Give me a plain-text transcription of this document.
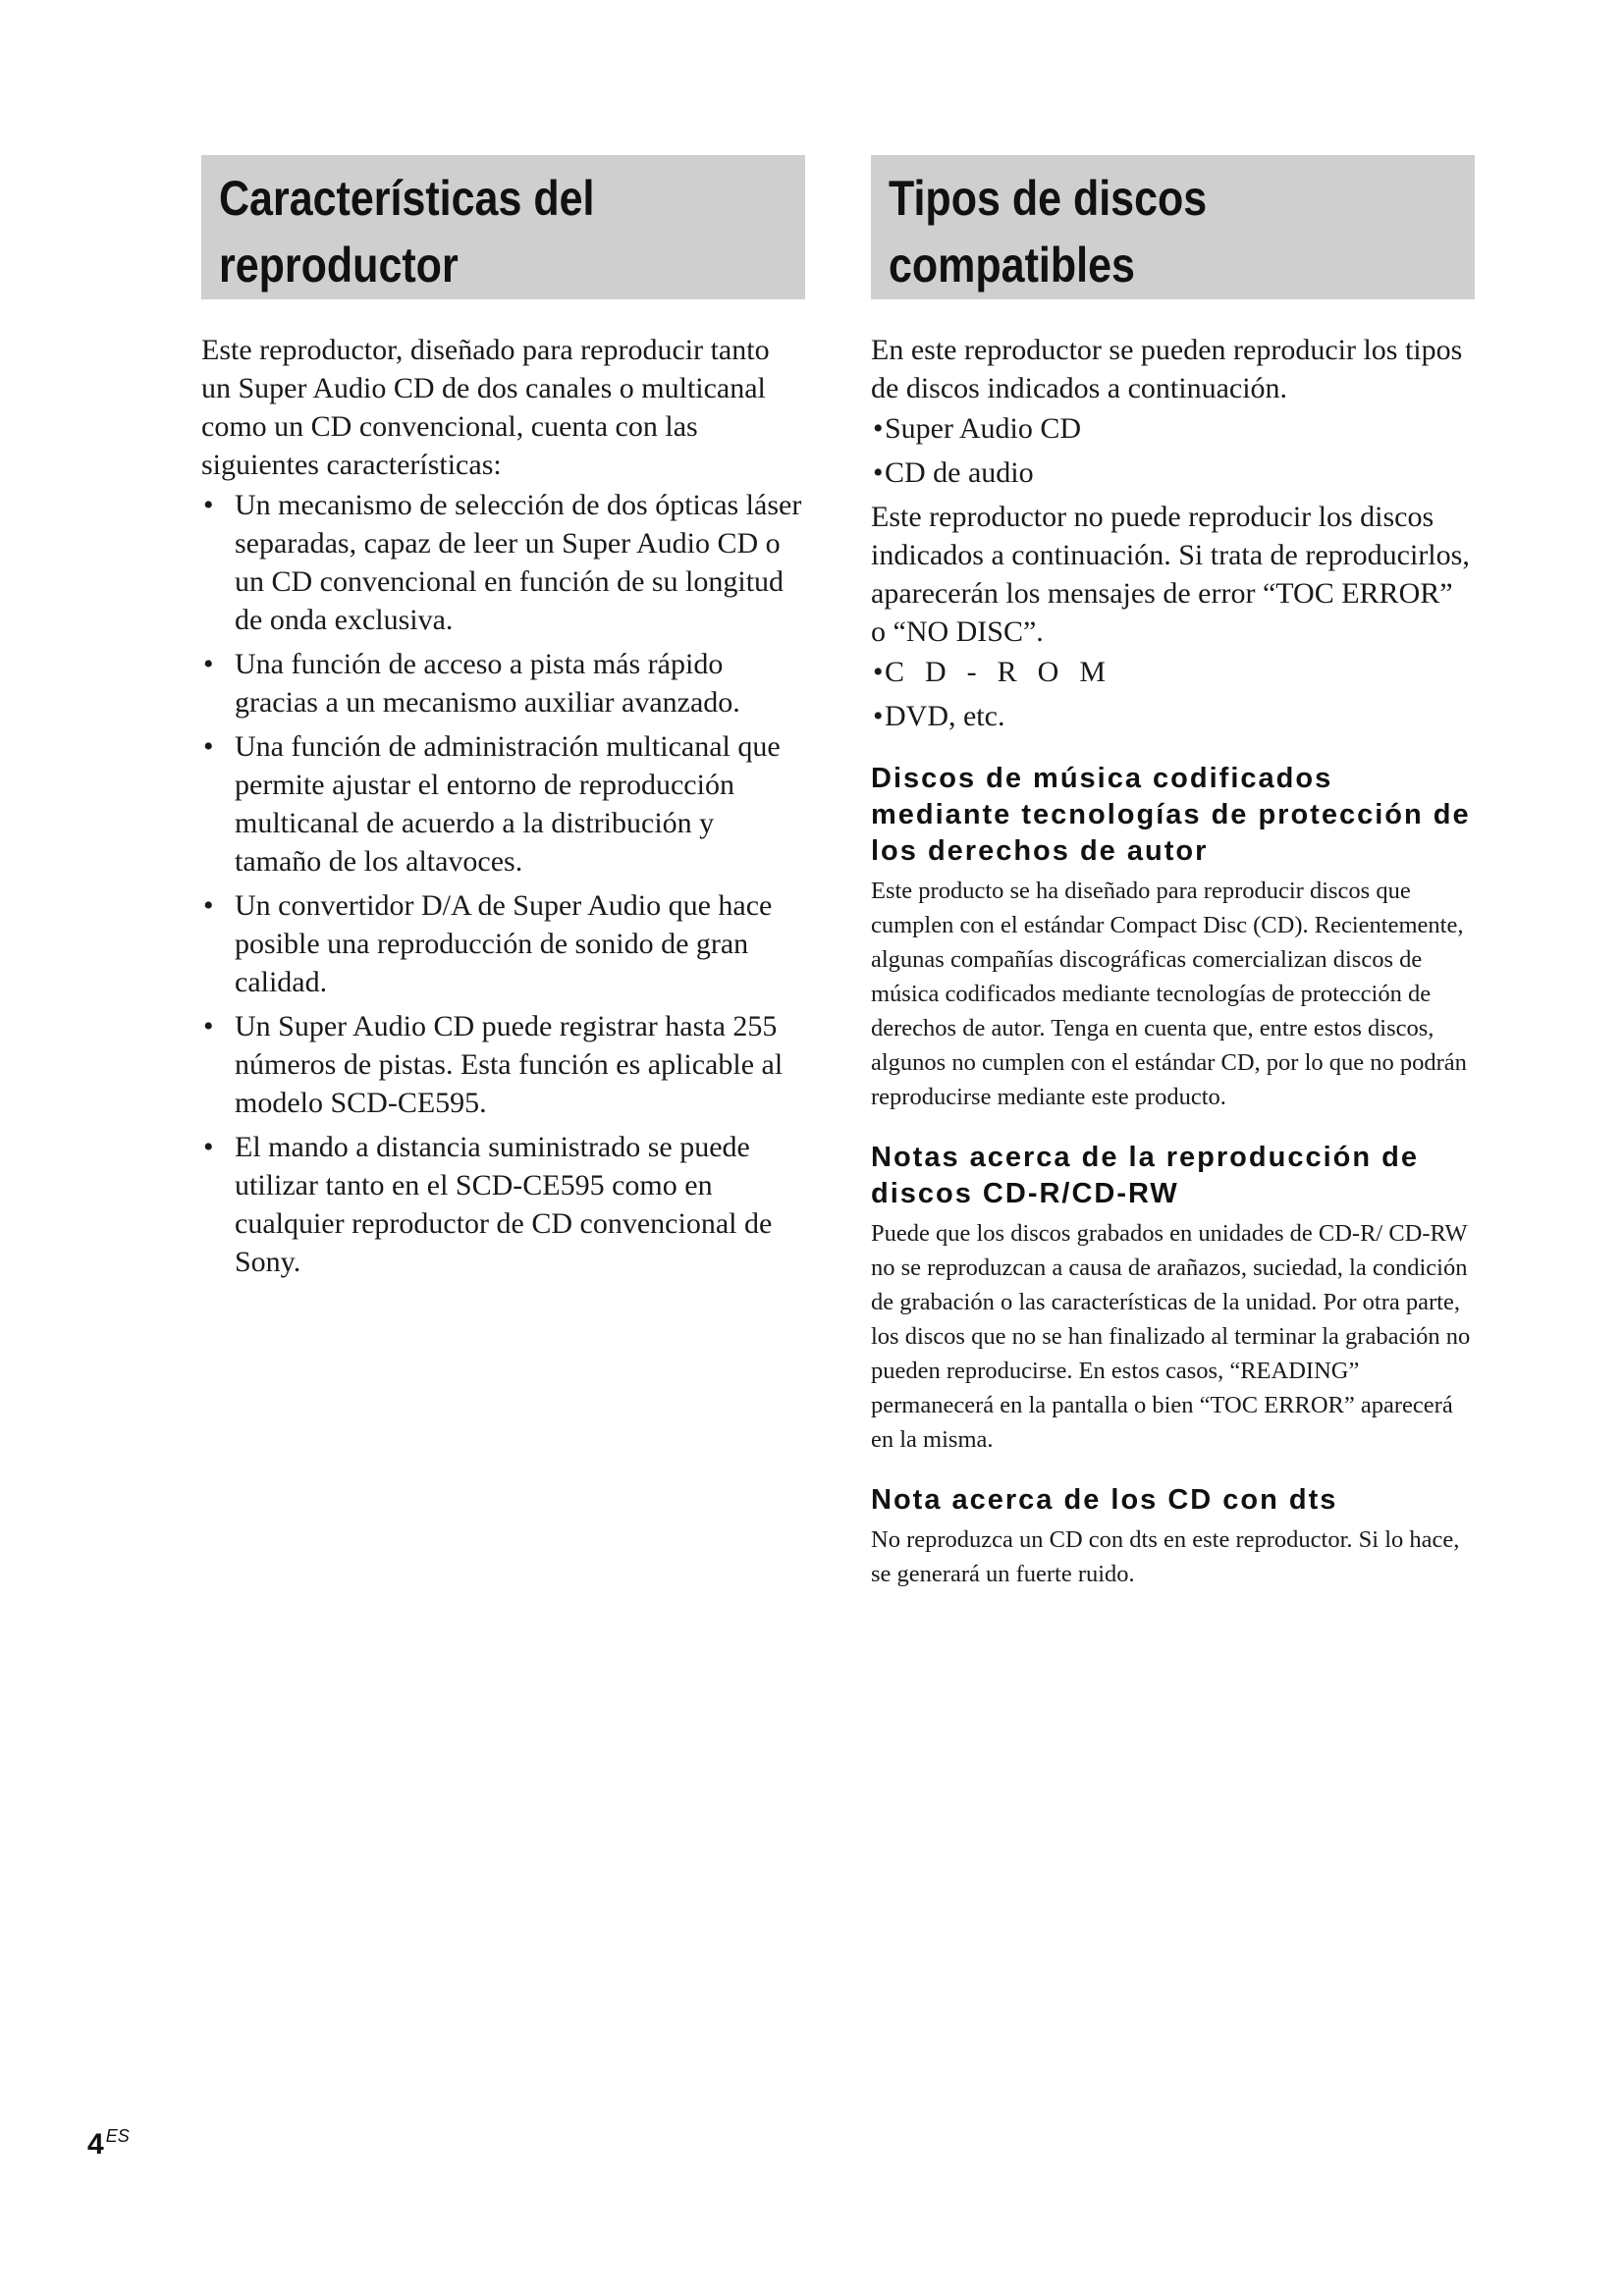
Características del
reproductor

Este reproductor, diseñado para reproducir tanto un Super Audio CD de dos canales o multicanal como un CD convencional, cuenta con las siguientes características:

• Un mecanismo de selección de dos ópticas láser separadas, capaz de leer un Super Audio CD o un CD convencional en función de su longitud de onda exclusiva.
• Una función de acceso a pista más rápido gracias a un mecanismo auxiliar avanzado.
• Una función de administración multicanal que permite ajustar el entorno de reproducción multicanal de acuerdo a la distribución y tamaño de los altavoces.
• Un convertidor D/A de Super Audio que hace posible una reproducción de sonido de gran calidad.
• Un Super Audio CD puede registrar hasta 255 números de pistas. Esta función es aplicable al modelo SCD-CE595.
• El mando a distancia suministrado se puede utilizar tanto en el SCD-CE595 como en cualquier reproductor de CD convencional de Sony.
Tipos de discos
compatibles

En este reproductor se pueden reproducir los tipos de discos indicados a continuación.

• Super Audio CD
• CD de audio

Este reproductor no puede reproducir los discos indicados a continuación. Si trata de reproducirlos, aparecerán los mensajes de error “TOC ERROR” o “NO DISC”.

• CD-ROM
• DVD, etc.
Discos de música codificados mediante tecnologías de protección de los derechos de autor

Este producto se ha diseñado para reproducir discos que cumplen con el estándar Compact Disc (CD). Recientemente, algunas compañías discográficas comercializan discos de música codificados mediante tecnologías de protección de derechos de autor. Tenga en cuenta que, entre estos discos, algunos no cumplen con el estándar CD, por lo que no podrán reproducirse mediante este producto.

Notas acerca de la reproducción de discos CD-R/CD-RW

Puede que los discos grabados en unidades de CD-R/ CD-RW no se reproduzcan a causa de arañazos, suciedad, la condición de grabación o las características de la unidad. Por otra parte, los discos que no se han finalizado al terminar la grabación no pueden reproducirse. En estos casos, “READING” permanecerá en la pantalla o bien “TOC ERROR” aparecerá en la misma.

Nota acerca de los CD con dts

No reproduzca un CD con dts en este reproductor. Si lo hace, se generará un fuerte ruido.

4 $^{ES}$
